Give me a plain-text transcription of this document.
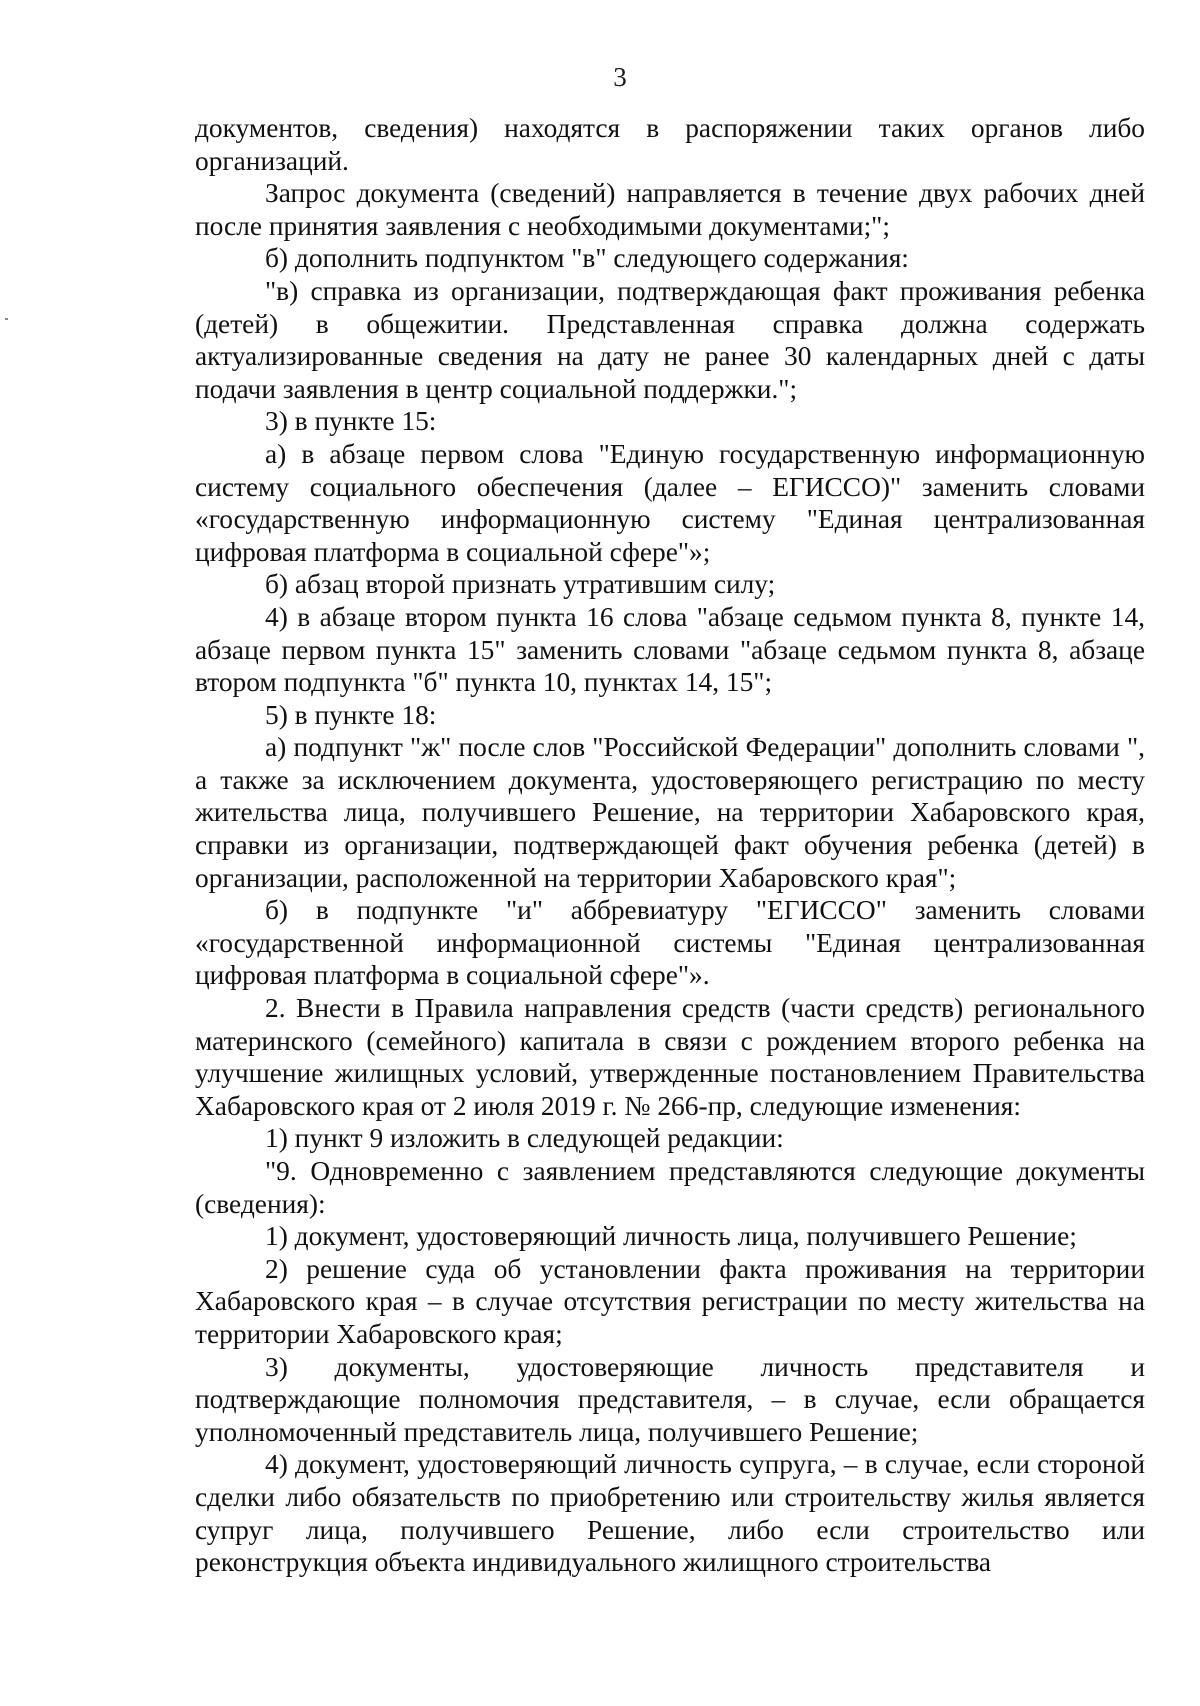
3

документов, сведения) находятся в распоряжении таких органов либо организаций.

Запрос документа (сведений) направляется в течение двух рабочих дней после принятия заявления с необходимыми документами;";

б) дополнить подпунктом "в" следующего содержания:

"в) справка из организации, подтверждающая факт проживания ребенка (детей) в общежитии. Представленная справка должна содержать актуализированные сведения на дату не ранее 30 календарных дней с даты подачи заявления в центр социальной поддержки.";

3) в пункте 15:

а) в абзаце первом слова "Единую государственную информационную систему социального обеспечения (далее – ЕГИССО)" заменить словами «государственную информационную систему "Единая централизованная цифровая платформа в социальной сфере"»;

б) абзац второй признать утратившим силу;

4) в абзаце втором пункта 16 слова "абзаце седьмом пункта 8, пункте 14, абзаце первом пункта 15" заменить словами "абзаце седьмом пункта 8, абзаце втором подпункта "б" пункта 10, пунктах 14, 15";

5) в пункте 18:

а) подпункт "ж" после слов "Российской Федерации" дополнить словами ", а также за исключением документа, удостоверяющего регистрацию по месту жительства лица, получившего Решение, на территории Хабаровского края, справки из организации, подтверждающей факт обучения ребенка (детей) в организации, расположенной на территории Хабаровского края";

б) в подпункте "и" аббревиатуру "ЕГИССО" заменить словами «государственной информационной системы "Единая централизованная цифровая платформа в социальной сфере"».

2. Внести в Правила направления средств (части средств) регионального материнского (семейного) капитала в связи с рождением второго ребенка на улучшение жилищных условий, утвержденные постановлением Правительства Хабаровского края от 2 июля 2019 г. № 266-пр, следующие изменения:

1) пункт 9 изложить в следующей редакции:

"9. Одновременно с заявлением представляются следующие документы (сведения):

1) документ, удостоверяющий личность лица, получившего Решение;

2) решение суда об установлении факта проживания на территории Хабаровского края – в случае отсутствия регистрации по месту жительства на территории Хабаровского края;

3) документы, удостоверяющие личность представителя и подтверждающие полномочия представителя, – в случае, если обращается уполномоченный представитель лица, получившего Решение;

4) документ, удостоверяющий личность супруга, – в случае, если стороной сделки либо обязательств по приобретению или строительству жилья является супруг лица, получившего Решение, либо если строительство или реконструкция объекта индивидуального жилищного строительства
